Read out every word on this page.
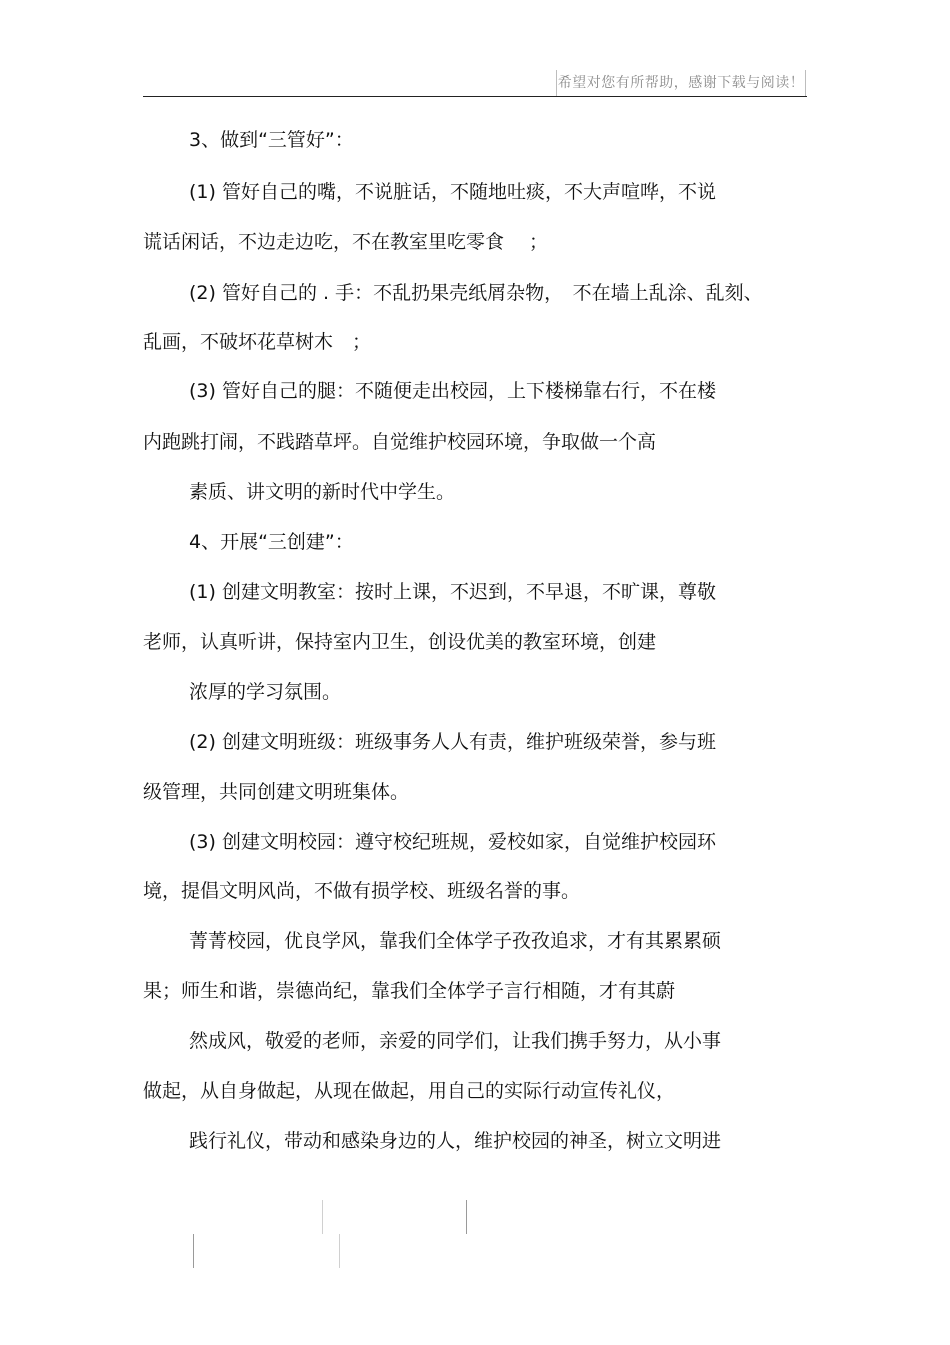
希望对您有所帮助，感谢下载与阅读！
3、做到“三管好”：
(1) 管好自己的嘴，不说脏话，不随地吐痰，不大声喧哗，不说
谎话闲话，不边走边吃，不在教室里吃零食　 ；
(2) 管好自己的 . 手：不乱扔果壳纸屑杂物，　不在墙上乱涂、乱刻、
乱画，不破坏花草树木　；
(3) 管好自己的腿：不随便走出校园，上下楼梯靠右行，不在楼
内跑跳打闹，不践踏草坪。自觉维护校园环境，争取做一个高
素质、讲文明的新时代中学生。
4、开展“三创建”：
(1) 创建文明教室：按时上课，不迟到，不早退，不旷课，尊敬
老师，认真听讲，保持室内卫生，创设优美的教室环境，创建
浓厚的学习氛围。
(2) 创建文明班级：班级事务人人有责，维护班级荣誉，参与班
级管理，共同创建文明班集体。
(3) 创建文明校园：遵守校纪班规，爱校如家，自觉维护校园环
境，提倡文明风尚，不做有损学校、班级名誉的事。
菁菁校园，优良学风，靠我们全体学子孜孜追求，才有其累累硕
果；师生和谐，崇德尚纪，靠我们全体学子言行相随，才有其蔚
然成风，敬爱的老师，亲爱的同学们，让我们携手努力，从小事
做起，从自身做起，从现在做起，用自己的实际行动宣传礼仪，
践行礼仪，带动和感染身边的人，维护校园的神圣，树立文明进
